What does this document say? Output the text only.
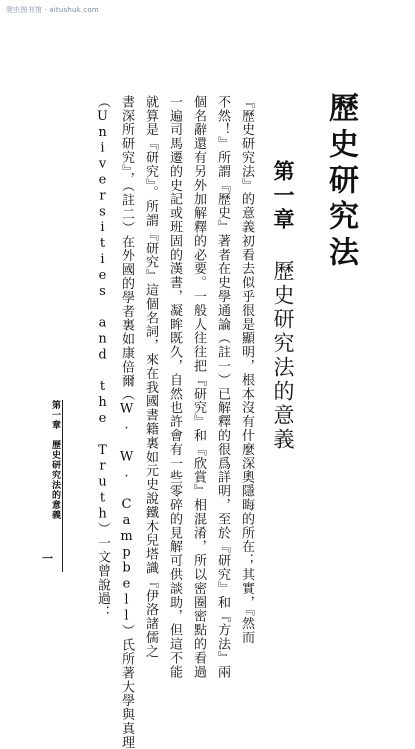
爬虫图书馆 · aitushuk.com
歷史研究法
第一章
歷史研究法的意義
『歷史研究法』的意義初看去似乎很是顯明，根本沒有什麼深奧隱晦的所在；其實，『然而
不然！』所謂『歷史』著者在史學通論（註一）已解釋的很爲詳明，至於『研究』和『方法』兩
個名辭還有另外加解釋的必要。一般人往往把『研究』和『欣賞』相混淆，所以密圈密點的看過
一遍司馬遷的史記或班固的漢書，凝眸既久，自然也許會有一些零碎的見解可供談助，但這不能
就算是『研究』。所謂『研究』這個名詞，來在我國書籍裏如元史說鐵木兒塔識『伊洛諸儒之
書深所研究』，（註二）在外國的學者裏如康倍爾（W. W. Campbell）氏所著大學與真理
（Universities and the Truth）一文曾說過：
第一章　歷史研究法的意義
一
